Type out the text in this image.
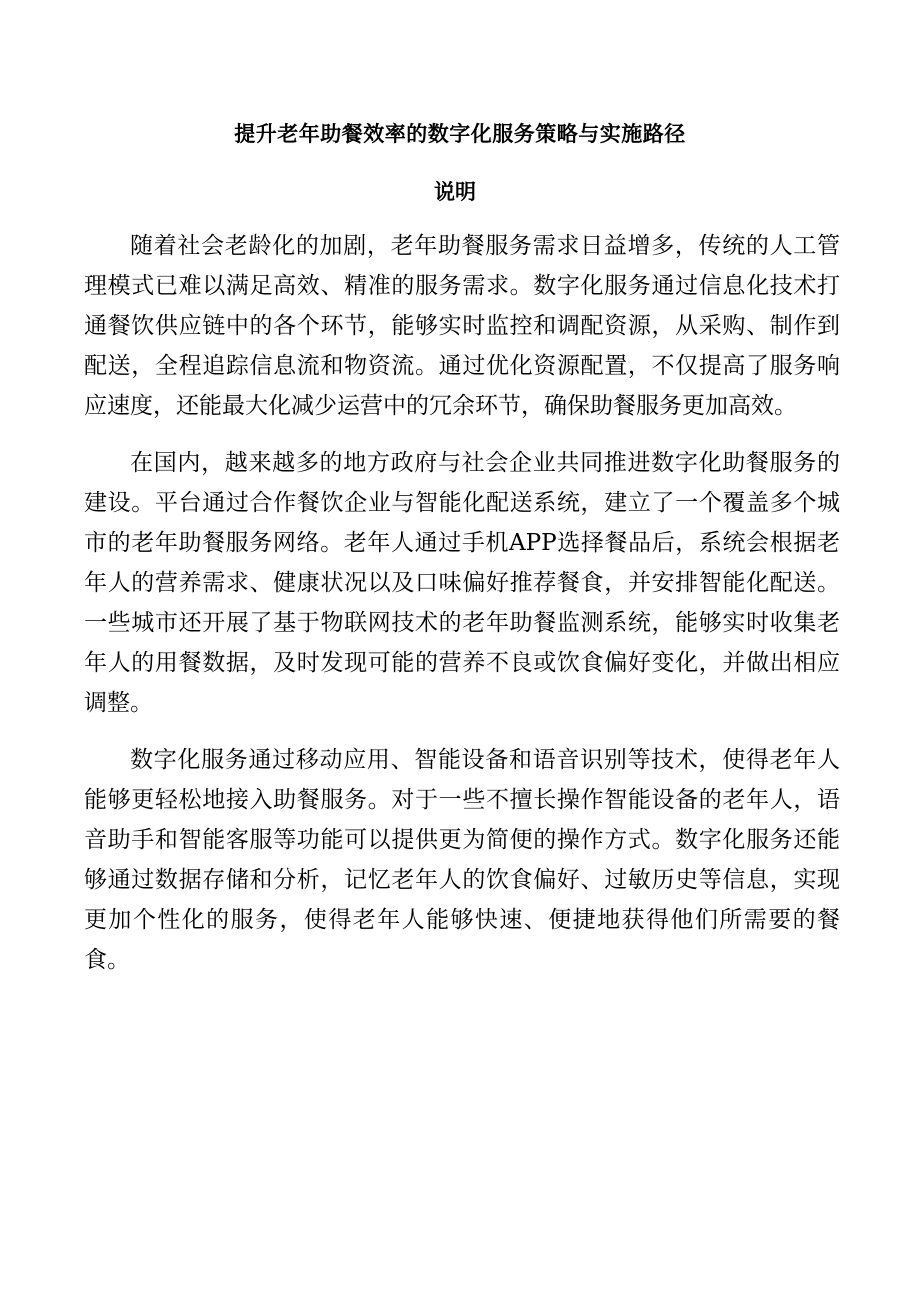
提升老年助餐效率的数字化服务策略与实施路径
说明

随着社会老龄化的加剧，老年助餐服务需求日益增多，传统的人工管理模式已难以满足高效、精准的服务需求。数字化服务通过信息化技术打通餐饮供应链中的各个环节，能够实时监控和调配资源，从采购、制作到配送，全程追踪信息流和物资流。通过优化资源配置，不仅提高了服务响应速度，还能最大化减少运营中的冗余环节，确保助餐服务更加高效。

在国内，越来越多的地方政府与社会企业共同推进数字化助餐服务的建设。平台通过合作餐饮企业与智能化配送系统，建立了一个覆盖多个城市的老年助餐服务网络。老年人通过手机APP选择餐品后，系统会根据老年人的营养需求、健康状况以及口味偏好推荐餐食，并安排智能化配送。一些城市还开展了基于物联网技术的老年助餐监测系统，能够实时收集老年人的用餐数据，及时发现可能的营养不良或饮食偏好变化，并做出相应调整。

数字化服务通过移动应用、智能设备和语音识别等技术，使得老年人能够更轻松地接入助餐服务。对于一些不擅长操作智能设备的老年人，语音助手和智能客服等功能可以提供更为简便的操作方式。数字化服务还能够通过数据存储和分析，记忆老年人的饮食偏好、过敏历史等信息，实现更加个性化的服务，使得老年人能够快速、便捷地获得他们所需要的餐食。
